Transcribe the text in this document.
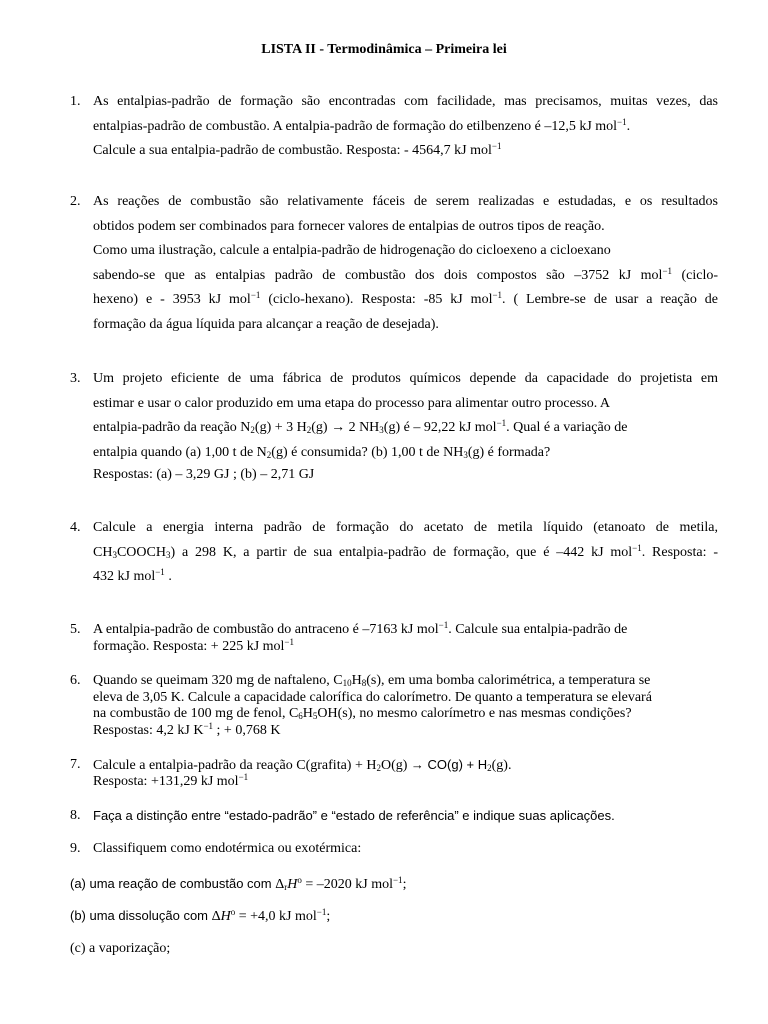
LISTA II - Termodinâmica – Primeira lei
1. As entalpias-padrão de formação são encontradas com facilidade, mas precisamos, muitas vezes, das
entalpias-padrão de combustão. A entalpia-padrão de formação do etilbenzeno é –12,5 kJ mol$^{-1}$.
Calcule a sua entalpia-padrão de combustão. Resposta: - 4564,7 kJ mol$^{-1}$
2. As reações de combustão são relativamente fáceis de serem realizadas e estudadas, e os resultados
obtidos podem ser combinados para fornecer valores de entalpias de outros tipos de reação.
Como uma ilustração, calcule a entalpia-padrão de hidrogenação do cicloexeno a cicloexano
sabendo-se que as entalpias padrão de combustão dos dois compostos são –3752 kJ mol$^{-1}$ (ciclo-
hexeno) e - 3953 kJ mol$^{-1}$ (ciclo-hexano). Resposta: -85 kJ mol$^{-1}$. ( Lembre-se de usar a reação de
formação da água líquida para alcançar a reação de desejada).
3. Um projeto eficiente de uma fábrica de produtos químicos depende da capacidade do projetista em
estimar e usar o calor produzido em uma etapa do processo para alimentar outro processo. A
entalpia-padrão da reação $N_2(g) + 3$ $H_2(g) \to 2$ $NH_3(g)$ é – 92,22 kJ mol$^{-1}$. Qual é a variação de
entalpia quando (a) 1,00 t de $N_2(g)$ é consumida? (b) 1,00 t de $NH_3(g)$ é formada?
Respostas: (a) – 3,29 GJ ; (b) – 2,71 GJ
4. Calcule a energia interna padrão de formação do acetato de metila líquido (etanoato de metila,
$CH_3COOCH_3$) a 298 K, a partir de sua entalpia-padrão de formação, que é –442 kJ mol$^{-1}$. Resposta: -
432 kJ mol$^{-1}$ .
5. A entalpia-padrão de combustão do antraceno é –7163 kJ mol$^{-1}$. Calcule sua entalpia-padrão de
formação. Resposta: + 225 kJ mol$^{-1}$
6. Quando se queimam 320 mg de naftaleno, $C_{10}H_8(s)$, em uma bomba calorimétrica, a temperatura se
eleva de 3,05 K. Calcule a capacidade calorífica do calorímetro. De quanto a temperatura se elevará
na combustão de 100 mg de fenol, $C_6H_5OH(s)$, no mesmo calorímetro e nas mesmas condições?
Respostas: 4,2 kJ $K^{-1}$ ; + 0,768 K
7. Calcule a entalpia-padrão da reação C(grafita) + $H_2O(g) \to CO(g) + H_2(g)$.
Resposta: +131,29 kJ mol$^{-1}$
8. Faça a distinção entre “estado-padrão” e “estado de referência” e indique suas aplicações.
9. Classifiquem como endotérmica ou exotérmica:
(a) uma reação de combustão com $\Delta_rH^o = -2020$ kJ mol$^{-1}$;
(b) uma dissolução com $\Delta H^o = +4,0$ kJ mol$^{-1}$;
(c) a vaporização;
